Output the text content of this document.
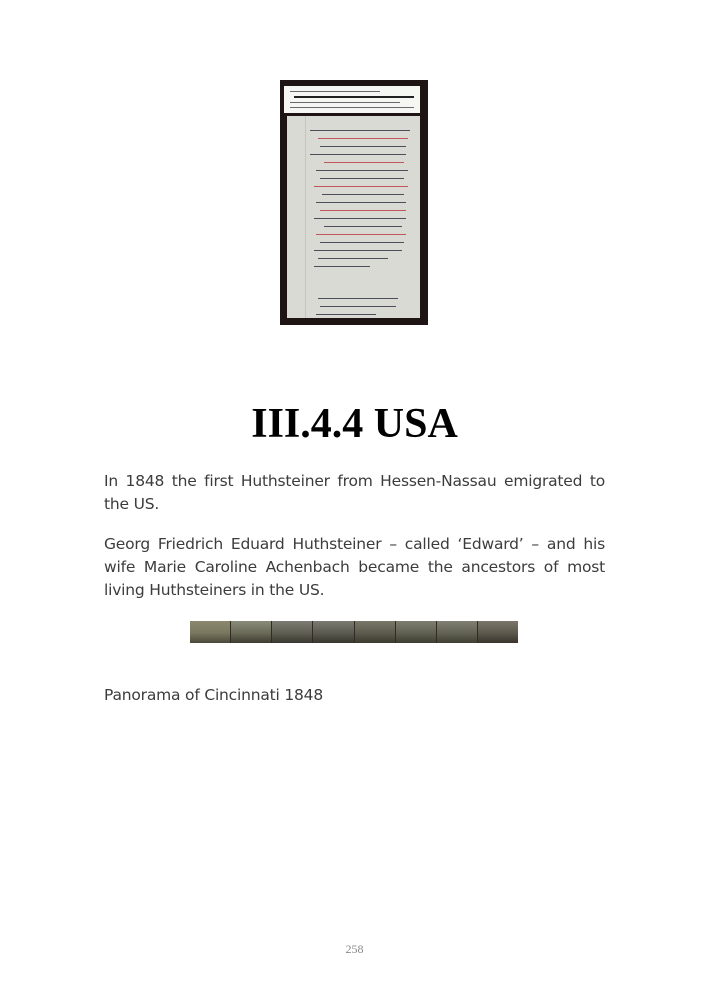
III.4.4 USA

In 1848 the first Huthsteiner from Hessen-Nassau emigrated to the US.

Georg Friedrich Eduard Huthsteiner – called ‘Edward’ – and his wife Marie Caroline Achenbach became the ancestors of most living Huthsteiners in the US.

Panorama of Cincinnati 1848

258
